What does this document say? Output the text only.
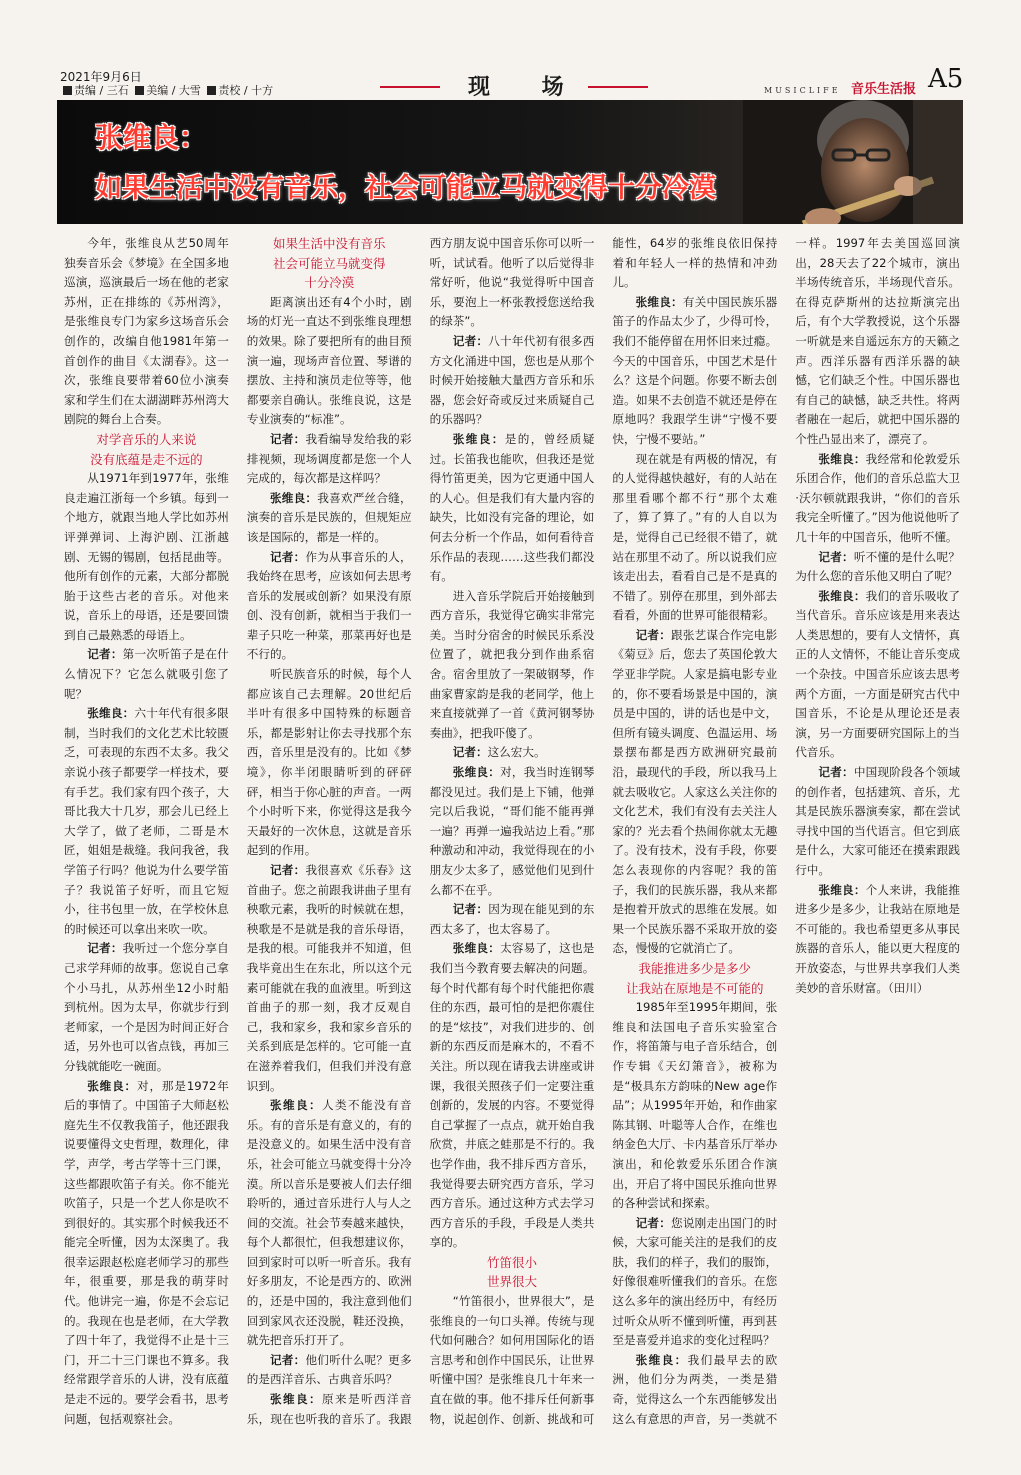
2021年9月6日
责编 / 三石 美编 / 大雪 责校 / 十方	现 场	MUSICLIFE 音乐生活报 A5
张维良：
如果生活中没有音乐，社会可能立马就变得十分冷漠

今年，张维良从艺50周年独奏音乐会《梦境》在全国多地巡演，巡演最后一场在他的老家苏州，正在排练的《苏州湾》，是张维良专门为家乡这场音乐会创作的，改编自他1981年第一首创作的曲目《太湖春》。这一次，张维良要带着60位小演奏家和学生们在太湖湖畔苏州湾大剧院的舞台上合奏。

对学音乐的人来说

没有底蕴是走不远的

从1971年到1977年，张维良走遍江浙每一个乡镇。每到一个地方，就跟当地人学比如苏州评弹弹词、上海沪剧、江浙越剧、无锡的锡剧，包括昆曲等。他所有创作的元素，大部分都脱胎于这些古老的音乐。对他来说，音乐上的母语，还是要回馈到自己最熟悉的母语上。

记者：第一次听笛子是在什么情况下？它怎么就吸引您了呢？

张维良：六十年代有很多限制，当时我们的文化艺术比较匮乏，可表现的东西不太多。我父亲说小孩子都要学一样技术，要有手艺。我们家有四个孩子，大哥比我大十几岁，那会儿已经上大学了，做了老师，二哥是木匠，姐姐是裁缝。我问我爸，我学笛子行吗？他说为什么要学笛子？我说笛子好听，而且它短小，往书包里一放，在学校休息的时候还可以拿出来吹一吹。

记者：我听过一个您分享自己求学拜师的故事。您说自己拿个小马扎，从苏州坐12小时船到杭州。因为太早，你就步行到老师家，一个是因为时间正好合适，另外也可以省点钱，再加三分钱就能吃一碗面。

张维良：对，那是1972年后的事情了。中国笛子大师赵松庭先生不仅教我笛子，他还跟我说要懂得文史哲理，数理化，律学，声学，考古学等十三门课，这些都跟吹笛子有关。你不能光吹笛子，只是一个艺人你是吹不到很好的。其实那个时候我还不能完全听懂，因为太深奥了。我很幸运跟赵松庭老师学习的那些年，很重要，那是我的萌芽时代。他讲完一遍，你是不会忘记的。我现在也是老师，在大学教了四十年了，我觉得不止是十三门，开二十三门课也不算多。我经常跟学音乐的人讲，没有底蕴是走不远的。要学会看书，思考问题，包括观察社会。

如果生活中没有音乐

社会可能立马就变得

十分冷漠

距离演出还有4个小时，剧场的灯光一直达不到张维良理想的效果。除了要把所有的曲目预演一遍，现场声音位置、琴谱的摆放、主持和演员走位等等，他都要亲自确认。张维良说，这是专业演奏的“标准”。

记者：我看编导发给我的彩排视频，现场调度都是您一个人完成的，每次都是这样吗？

张维良：我喜欢严丝合缝，演奏的音乐是民族的，但规矩应该是国际的，都是一样的。

记者：作为从事音乐的人，我始终在思考，应该如何去思考音乐的发展或创新？如果没有原创、没有创新，就相当于我们一辈子只吃一种菜，那菜再好也是不行的。

听民族音乐的时候，每个人都应该自己去理解。20世纪后半叶有很多中国特殊的标题音乐，都是影射让你去寻找那个东西，音乐里是没有的。比如《梦境》，你半闭眼睛听到的砰砰砰，相当于你心脏的声音。一两个小时听下来，你觉得这是我今天最好的一次休息，这就是音乐起到的作用。

记者：我很喜欢《乐春》这首曲子。您之前跟我讲曲子里有秧歌元素，我听的时候就在想，秧歌是不是就是我的音乐母语，是我的根。可能我并不知道，但我毕竟出生在东北，所以这个元素可能就在我的血液里。听到这首曲子的那一刻，我才反观自己，我和家乡，我和家乡音乐的关系到底是怎样的。它可能一直在滋养着我们，但我们并没有意识到。

张维良：人类不能没有音乐。有的音乐是有意义的，有的是没意义的。如果生活中没有音乐，社会可能立马就变得十分冷漠。所以音乐是要被人们去仔细聆听的，通过音乐进行人与人之间的交流。社会节奏越来越快，每个人都很忙，但我想建议你，回到家时可以听一听音乐。我有好多朋友，不论是西方的、欧洲的，还是中国的，我注意到他们回到家风衣还没脱，鞋还没换，就先把音乐打开了。

记者：他们听什么呢？更多的是西洋音乐、古典音乐吗？

张维良：原来是听西洋音乐，现在也听我的音乐了。我跟西方朋友说中国音乐你可以听一听，试试看。他听了以后觉得非常好听，他说“我觉得听中国音乐，要泡上一杯张教授您送给我的绿茶”。

记者：八十年代初有很多西方文化涌进中国，您也是从那个时候开始接触大量西方音乐和乐器，您会好奇或反过来质疑自己的乐器吗？

张维良：是的，曾经质疑过。长笛我也能吹，但我还是觉得竹笛更美，因为它更通中国人的人心。但是我们有大量内容的缺失，比如没有完备的理论，如何去分析一个作品，如何看待音乐作品的表现……这些我们都没有。

进入音乐学院后开始接触到西方音乐，我觉得它确实非常完美。当时分宿舍的时候民乐系没位置了，就把我分到作曲系宿舍。宿舍里放了一架破钢琴，作曲家曹家韵是我的老同学，他上来直接就弹了一首《黄河钢琴协奏曲》，把我吓傻了。

记者：这么宏大。

张维良：对，我当时连钢琴都没见过。我们是上下铺，他弹完以后我说，“哥们能不能再弹一遍？再弹一遍我站边上看。”那种激动和冲动，我觉得现在的小朋友少太多了，感觉他们见到什么都不在乎。

记者：因为现在能见到的东西太多了，也太容易了。

张维良：太容易了，这也是我们当今教育要去解决的问题。每个时代都有每个时代能把你震住的东西，最可怕的是把你震住的是“炫技”，对我们进步的、创新的东西反而是麻木的，不看不关注。所以现在请我去讲座或讲课，我很关照孩子们一定要注重创新的，发展的内容。不要觉得自己掌握了一点点，就开始自我欣赏，井底之蛙那是不行的。我也学作曲，我不排斥西方音乐，我觉得要去研究西方音乐，学习西方音乐。通过这种方式去学习西方音乐的手段，手段是人类共享的。

竹笛很小

世界很大

“竹笛很小，世界很大”，是张维良的一句口头禅。传统与现代如何融合？如何用国际化的语言思考和创作中国民乐，让世界听懂中国？是张维良几十年来一直在做的事。他不排斥任何新事物，说起创作、创新、挑战和可能性，64岁的张维良依旧保持着和年轻人一样的热情和冲劲儿。

张维良：有关中国民族乐器笛子的作品太少了，少得可怜，我们不能停留在用怀旧来过瘾。今天的中国音乐，中国艺术是什么？这是个问题。你要不断去创造。如果不去创造不就还是停在原地吗？我跟学生讲“宁慢不要快，宁慢不要站。”

现在就是有两极的情况，有的人觉得越快越好，有的人站在那里看哪个都不行“那个太难了，算了算了。”有的人自以为是，觉得自己已经很不错了，就站在那里不动了。所以说我们应该走出去，看看自己是不是真的不错了。别停在那里，到外部去看看，外面的世界可能很精彩。

记者：跟张艺谋合作完电影《菊豆》后，您去了英国伦敦大学亚非学院。人家是搞电影专业的，你不要看场景是中国的，演员是中国的，讲的话也是中文，但所有镜头调度、色温运用、场景摆布都是西方欧洲研究最前沿，最现代的手段，所以我马上就去吸收它。人家这么关注你的文化艺术，我们有没有去关注人家的？光去看个热闹你就太无趣了。没有技术，没有手段，你要怎么表现你的内容呢？我的笛子，我们的民族乐器，我从来都是抱着开放式的思维在发展。如果一个民族乐器不采取开放的姿态，慢慢的它就消亡了。

我能推进多少是多少

让我站在原地是不可能的

1985年至1995年期间，张维良和法国电子音乐实验室合作，将笛箫与电子音乐结合，创作专辑《天幻箫音》，被称为是“极具东方韵味的New age作品”；从1995年开始，和作曲家陈其钢、叶聪等人合作，在维也纳金色大厅、卡内基音乐厅举办演出，和伦敦爱乐乐团合作演出，开启了将中国民乐推向世界的各种尝试和探索。

记者：您说刚走出国门的时候，大家可能关注的是我们的皮肤，我们的样子，我们的服饰，好像很难听懂我们的音乐。在您这么多年的演出经历中，有经历过听众从听不懂到听懂，再到甚至是喜爱并追求的变化过程吗？

张维良：我们最早去的欧洲，他们分为两类，一类是猎奇，觉得这么一个东西能够发出这么有意思的声音，另一类就不一样。1997年去美国巡回演出，28天去了22个城市，演出半场传统音乐，半场现代音乐。在得克萨斯州的达拉斯演完出后，有个大学教授说，这个乐器一听就是来自遥远东方的天籁之声。西洋乐器有西洋乐器的缺憾，它们缺乏个性。中国乐器也有自己的缺憾，缺乏共性。将两者融在一起后，就把中国乐器的个性凸显出来了，漂亮了。

张维良：我经常和伦敦爱乐乐团合作，他们的音乐总监大卫·沃尔顿就跟我讲，“你们的音乐我完全听懂了。”因为他说他听了几十年的中国音乐，他听不懂。

记者：听不懂的是什么呢？为什么您的音乐他又明白了呢？

张维良：我们的音乐吸收了当代音乐。音乐应该是用来表达人类思想的，要有人文情怀，真正的人文情怀，不能让音乐变成一个杂技。中国音乐应该去思考两个方面，一方面是研究古代中国音乐，不论是从理论还是表演，另一方面要研究国际上的当代音乐。

记者：中国现阶段各个领域的创作者，包括建筑、音乐，尤其是民族乐器演奏家，都在尝试寻找中国的当代语言。但它到底是什么，大家可能还在摸索跟践行中。

张维良：个人来讲，我能推进多少是多少，让我站在原地是不可能的。我也希望更多从事民族器的音乐人，能以更大程度的开放姿态，与世界共享我们人类美妙的音乐财富。（田川）
